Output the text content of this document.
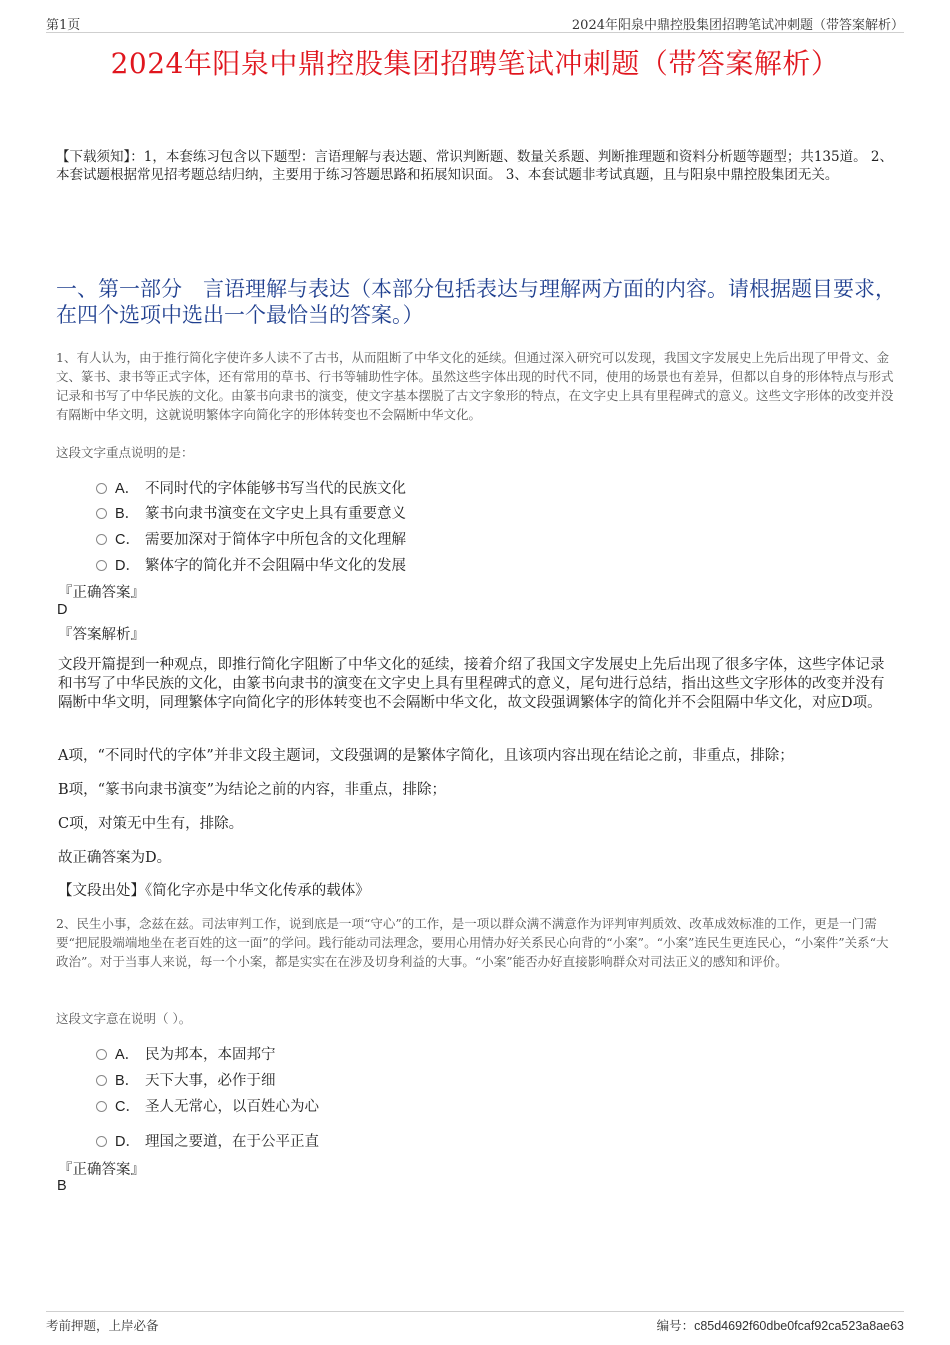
第1页	2024年阳泉中鼎控股集团招聘笔试冲刺题（带答案解析）
2024年阳泉中鼎控股集团招聘笔试冲刺题（带答案解析）
【下载须知】：1，本套练习包含以下题型：言语理解与表达题、常识判断题、数量关系题、判断推理题和资料分析题等题型；共135道。 2、本套试题根据常见招考题总结归纳，主要用于练习答题思路和拓展知识面。 3、本套试题非考试真题，且与阳泉中鼎控股集团无关。
一、第一部分　言语理解与表达（本部分包括表达与理解两方面的内容。请根据题目要求，在四个选项中选出一个最恰当的答案。）
1、有人认为，由于推行简化字使许多人读不了古书，从而阻断了中华文化的延续。但通过深入研究可以发现，我国文字发展史上先后出现了甲骨文、金文、篆书、隶书等正式字体，还有常用的草书、行书等辅助性字体。虽然这些字体出现的时代不同，使用的场景也有差异，但都以自身的形体特点与形式记录和书写了中华民族的文化。由篆书向隶书的演变，使文字基本摆脱了古文字象形的特点，在文字史上具有里程碑式的意义。这些文字形体的改变并没有隔断中华文明，这就说明繁体字向简化字的形体转变也不会隔断中华文化。
这段文字重点说明的是：
A． 不同时代的字体能够书写当代的民族文化
B． 篆书向隶书演变在文字史上具有重要意义
C． 需要加深对于简体字中所包含的文化理解
D． 繁体字的简化并不会阻隔中华文化的发展
『正确答案』
D
『答案解析』
文段开篇提到一种观点，即推行简化字阻断了中华文化的延续，接着介绍了我国文字发展史上先后出现了很多字体，这些字体记录和书写了中华民族的文化，由篆书向隶书的演变在文字史上具有里程碑式的意义，尾句进行总结，指出这些文字形体的改变并没有隔断中华文明，同理繁体字向简化字的形体转变也不会隔断中华文化，故文段强调繁体字的简化并不会阻隔中华文化，对应D项。
A项，“不同时代的字体”并非文段主题词，文段强调的是繁体字简化，且该项内容出现在结论之前，非重点，排除；
B项，“篆书向隶书演变”为结论之前的内容，非重点，排除；
C项，对策无中生有，排除。
故正确答案为D。
【文段出处】《简化字亦是中华文化传承的载体》
2、民生小事，念兹在兹。司法审判工作，说到底是一项“守心”的工作，是一项以群众满不满意作为评判审判质效、改革成效标准的工作，更是一门需要“把屁股端端地坐在老百姓的这一面”的学问。践行能动司法理念，要用心用情办好关系民心向背的“小案”。“小案”连民生更连民心，“小案件”关系“大政治”。对于当事人来说，每一个小案，都是实实在在涉及切身利益的大事。“小案”能否办好直接影响群众对司法正义的感知和评价。
这段文字意在说明（ ）。
A． 民为邦本，本固邦宁
B． 天下大事，必作于细
C． 圣人无常心，以百姓心为心
D． 理国之要道，在于公平正直
『正确答案』
B
考前押题，上岸必备	编号：c85d4692f60dbe0fcaf92ca523a8ae63
